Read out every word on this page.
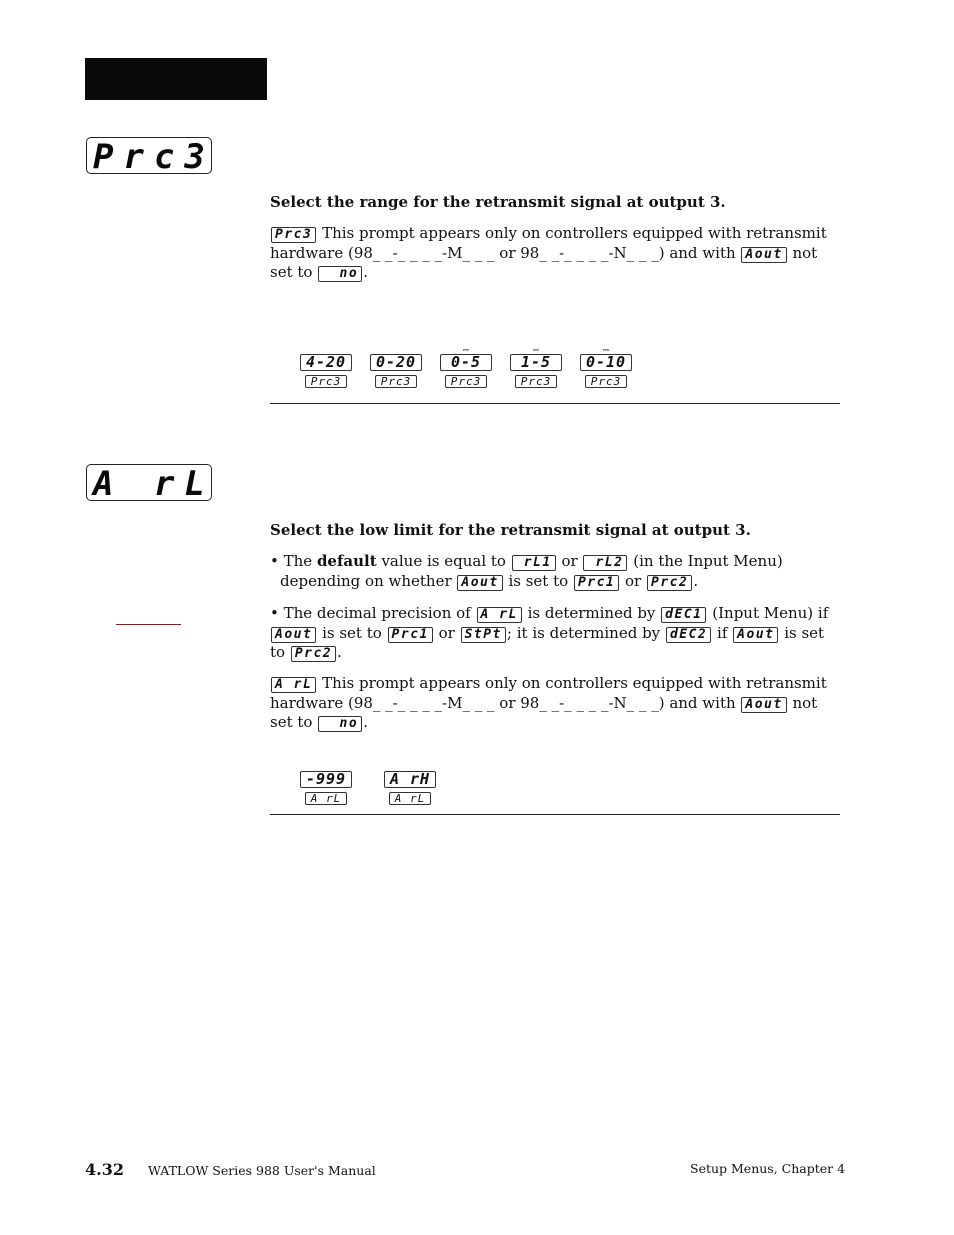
Prc3
Select the range for the retransmit signal at output 3.
Prc3 This prompt appears only on controllers equipped with retransmit hardware (98_ _-_ _ _ _-M_ _ _ or 98_ _-_ _ _ _-N_ _ _) and with Aout not set to no .
4-20
Prc3
0-20
Prc3
⎓
0-5
Prc3
⎓
1-5
Prc3
⎓
0-10
Prc3
A rL
Select the low limit for the retransmit signal at output 3.
• The default value is equal to rL1 or rL2 (in the Input Menu)
depending on whether Aout is set to Prc1 or Prc2 .
• The decimal precision of A rL is determined by dEC1 (Input Menu) if Aout is set to Prc1 or StPt ; it is determined by dEC2 if Aout is set to Prc2 .
A rL This prompt appears only on controllers equipped with retransmit hardware (98_ _-_ _ _ _-M_ _ _ or 98_ _-_ _ _ _-N_ _ _) and with Aout not set to no .
-999
A rL
A rH
A rL
4.32 WATLOW Series 988 User's Manual	Setup Menus, Chapter 4
